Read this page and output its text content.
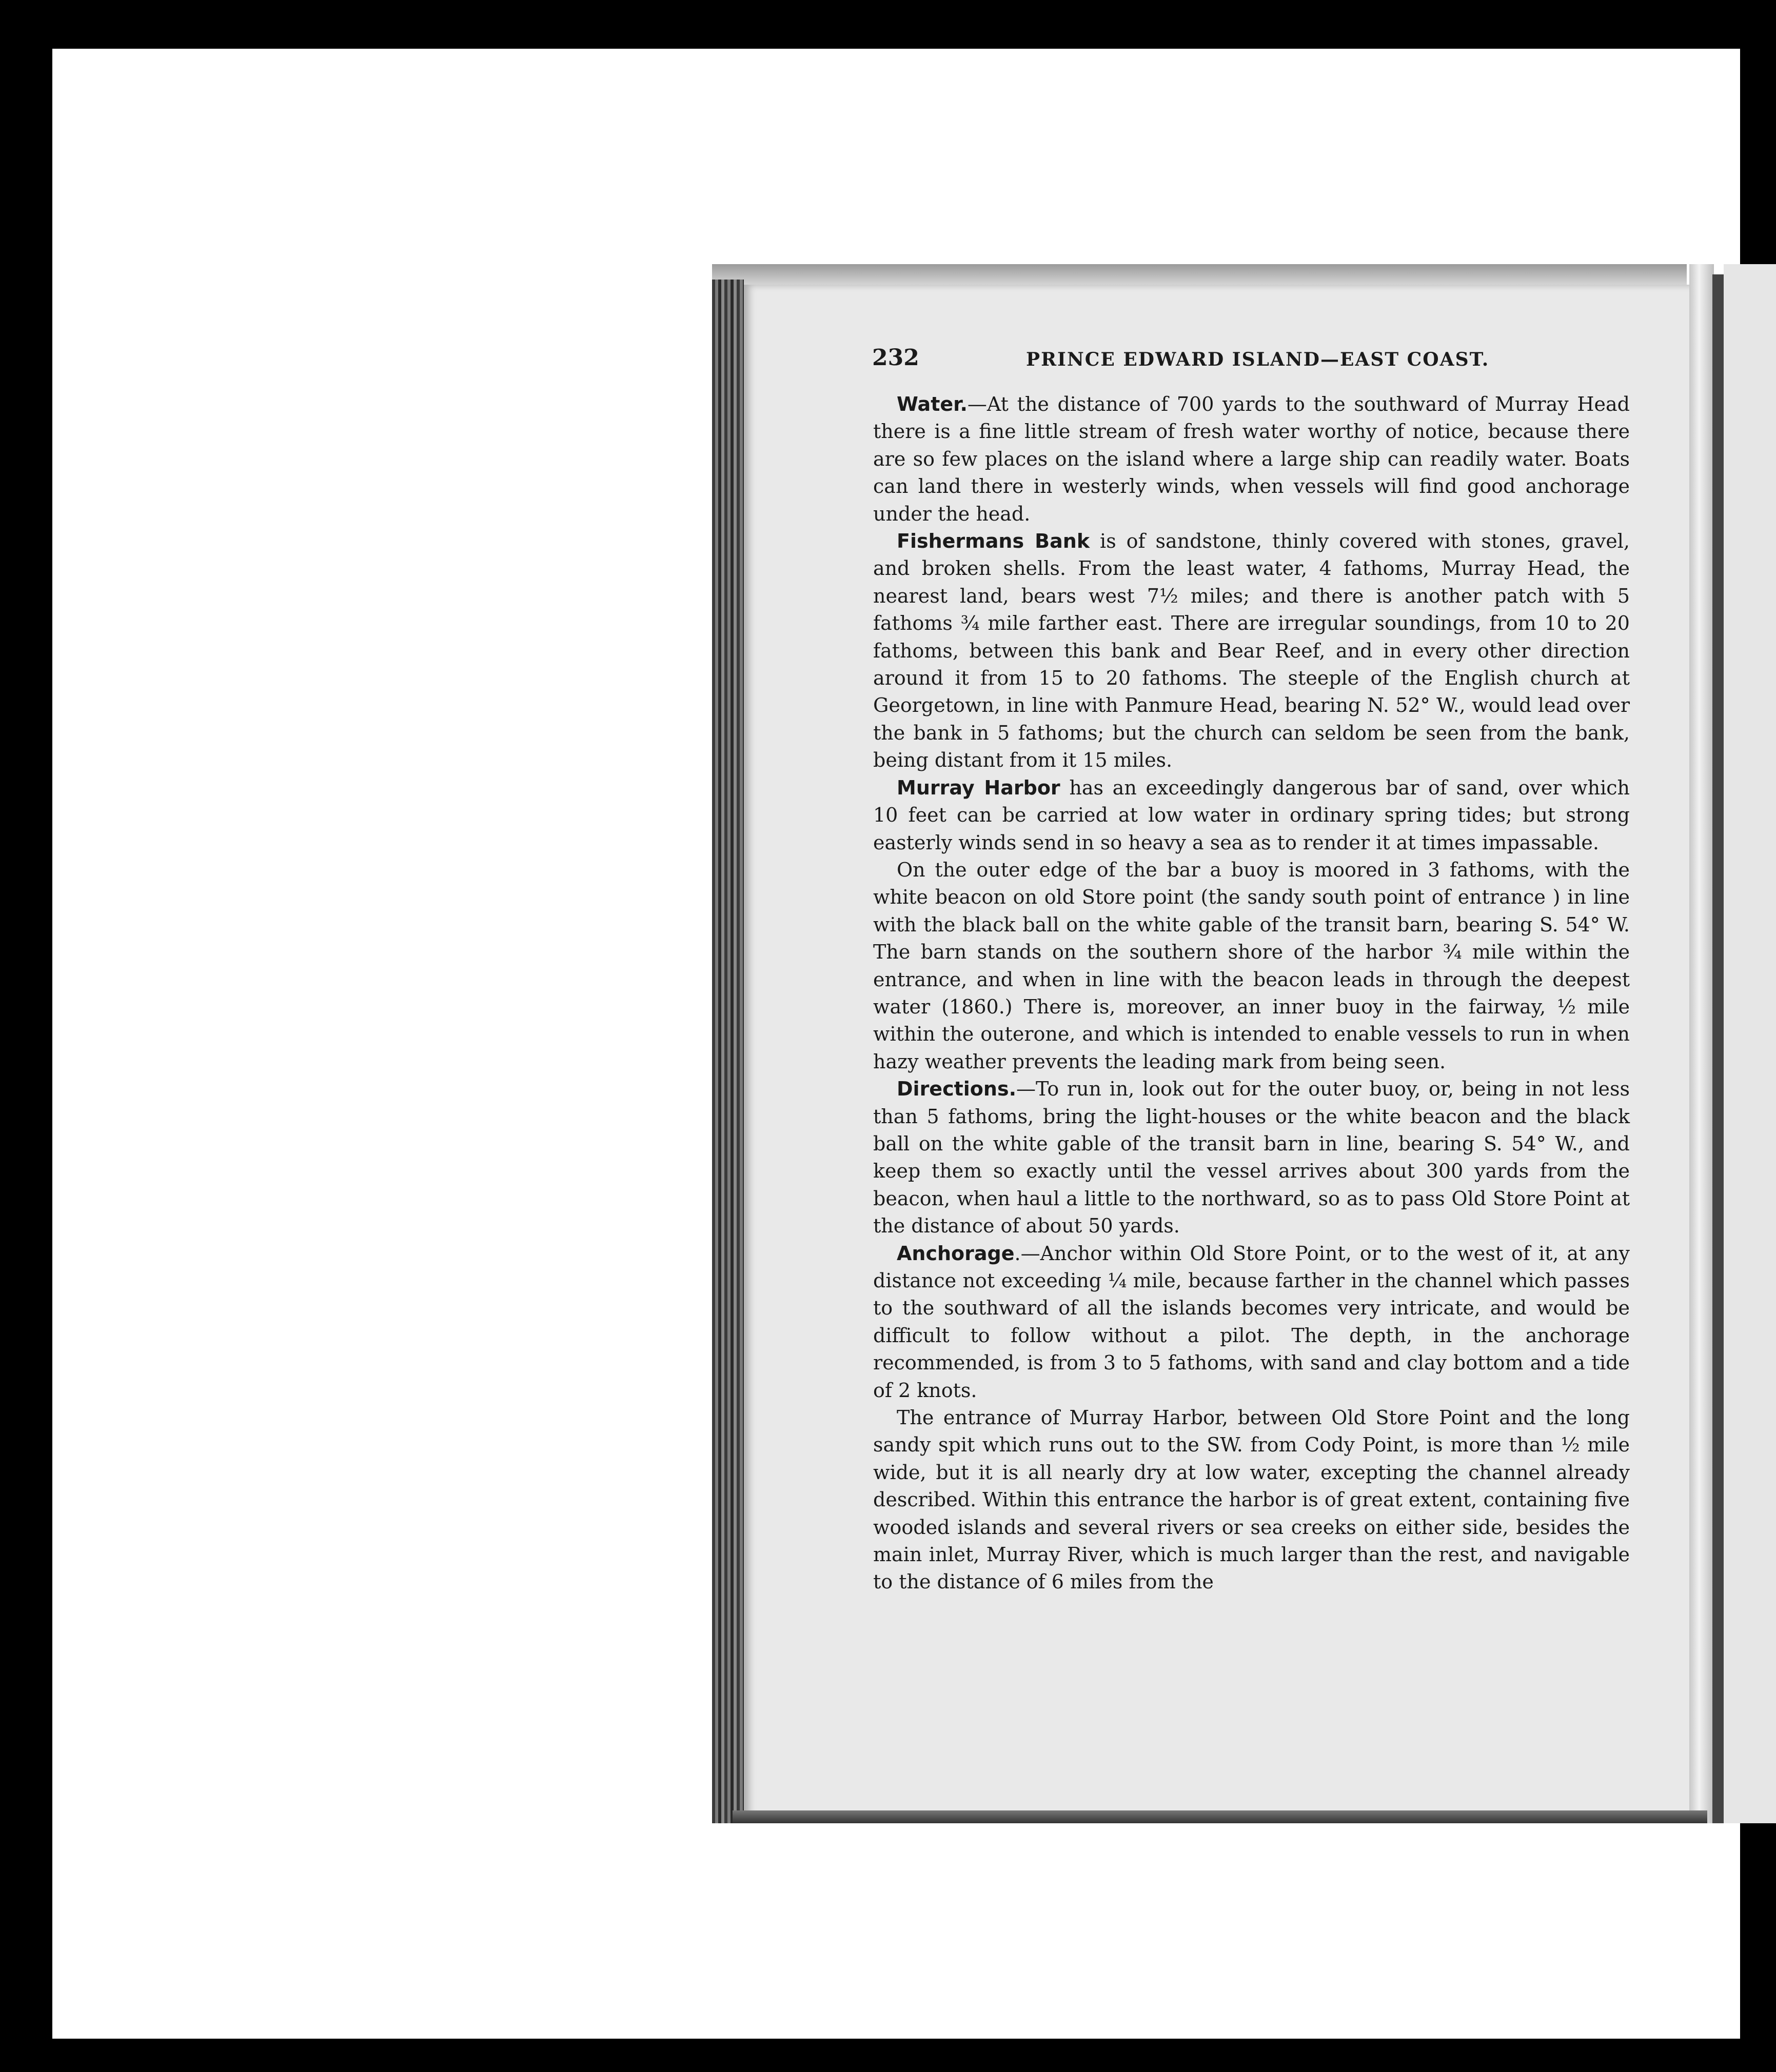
232	PRINCE EDWARD ISLAND—EAST COAST.

Water.—At the distance of 700 yards to the southward of Murray Head there is a fine little stream of fresh water worthy of notice, because there are so few places on the island where a large ship can readily water. Boats can land there in westerly winds, when vessels will find good anchorage under the head.

Fishermans Bank is of sandstone, thinly covered with stones, gravel, and broken shells. From the least water, 4 fathoms, Murray Head, the nearest land, bears west 7½ miles; and there is another patch with 5 fathoms ¾ mile farther east. There are irregular soundings, from 10 to 20 fathoms, between this bank and Bear Reef, and in every other direction around it from 15 to 20 fathoms. The steeple of the English church at Georgetown, in line with Panmure Head, bearing N. 52° W., would lead over the bank in 5 fathoms; but the church can seldom be seen from the bank, being distant from it 15 miles.

Murray Harbor has an exceedingly dangerous bar of sand, over which 10 feet can be carried at low water in ordinary spring tides; but strong easterly winds send in so heavy a sea as to render it at times impassable.

On the outer edge of the bar a buoy is moored in 3 fathoms, with the white beacon on old Store point (the sandy south point of entrance ) in line with the black ball on the white gable of the transit barn, bearing S. 54° W. The barn stands on the southern shore of the harbor ¾ mile within the entrance, and when in line with the beacon leads in through the deepest water (1860.) There is, moreover, an inner buoy in the fairway, ½ mile within the outerone, and which is intended to enable vessels to run in when hazy weather prevents the leading mark from being seen.

Directions.—To run in, look out for the outer buoy, or, being in not less than 5 fathoms, bring the light-houses or the white beacon and the black ball on the white gable of the transit barn in line, bearing S. 54° W., and keep them so exactly until the vessel arrives about 300 yards from the beacon, when haul a little to the northward, so as to pass Old Store Point at the distance of about 50 yards.

Anchorage.—Anchor within Old Store Point, or to the west of it, at any distance not exceeding ¼ mile, because farther in the channel which passes to the southward of all the islands becomes very intricate, and would be difficult to follow without a pilot. The depth, in the anchorage recommended, is from 3 to 5 fathoms, with sand and clay bottom and a tide of 2 knots.

The entrance of Murray Harbor, between Old Store Point and the long sandy spit which runs out to the SW. from Cody Point, is more than ½ mile wide, but it is all nearly dry at low water, excepting the channel already described. Within this entrance the harbor is of great extent, containing five wooded islands and several rivers or sea creeks on either side, besides the main inlet, Murray River, which is much larger than the rest, and navigable to the distance of 6 miles from the
